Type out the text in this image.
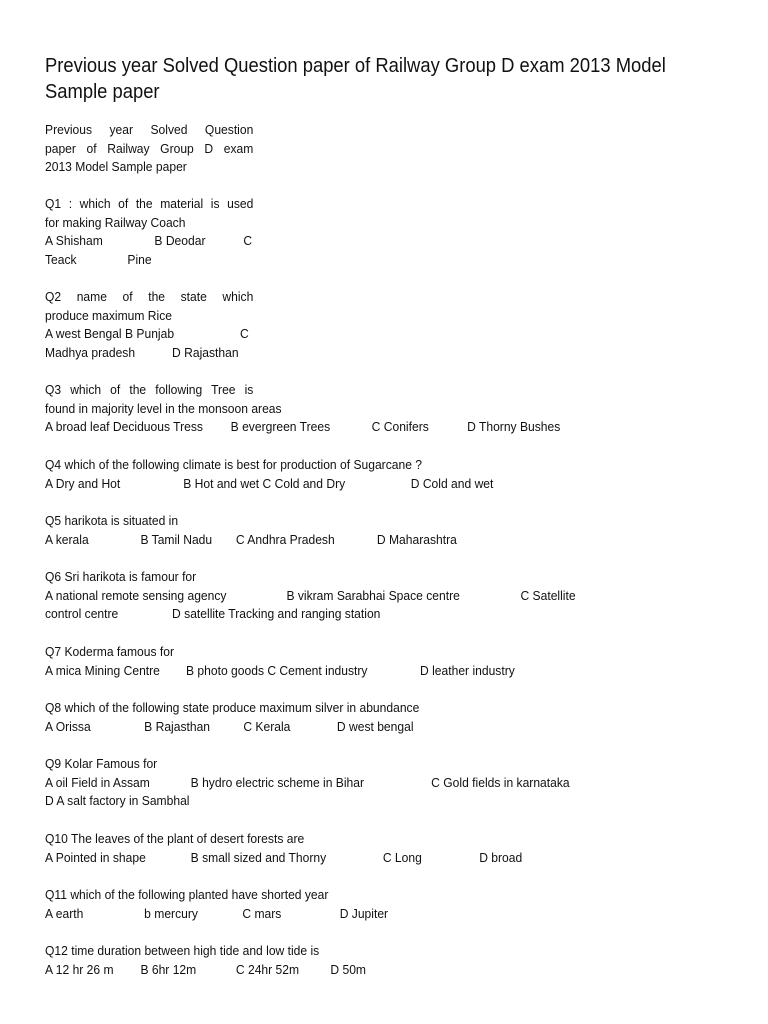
Previous year Solved Question paper of Railway Group D exam 2013 Model Sample paper
Previous year Solved Question
paper of Railway Group D exam
2013 Model Sample paper
Q1 : which of the material is used
for making Railway Coach
A Shisham	B Deodar	C
Teack	Pine
Q2 name of the state which
produce maximum Rice
A west Bengal B Punjab	C
Madhya pradesh	D Rajasthan
Q3 which of the following Tree is
found in majority level in the monsoon areas
A broad leaf Deciduous Tress B evergreen Trees	C Conifers	D Thorny Bushes
Q4 which of the following climate is best for production of Sugarcane ?
A Dry and Hot	B Hot and wet C Cold and Dry	D Cold and wet
Q5 harikota is situated in
A kerala	B Tamil Nadu C Andhra Pradesh	D Maharashtra
Q6 Sri harikota is famour for
A national remote sensing agency	B vikram Sarabhai Space centre	C Satellite
control centre	D satellite Tracking and ranging station
Q7 Koderma famous for
A mica Mining Centre B photo goods C Cement industry	D leather industry
Q8 which of the following state produce maximum silver in abundance
A Orissa	B Rajasthan	C Kerala	D west bengal
Q9 Kolar Famous for
A oil Field in Assam	B hydro electric scheme in Bihar	C Gold fields in karnataka
D A salt factory in Sambhal
Q10 The leaves of the plant of desert forests are
A Pointed in shape	B small sized and Thorny	C Long	D broad
Q11 which of the following planted have shorted year
A earth	b mercury	C mars	D Jupiter
Q12 time duration between high tide and low tide is
A 12 hr 26 m B 6hr 12m	C 24hr 52m D 50m
